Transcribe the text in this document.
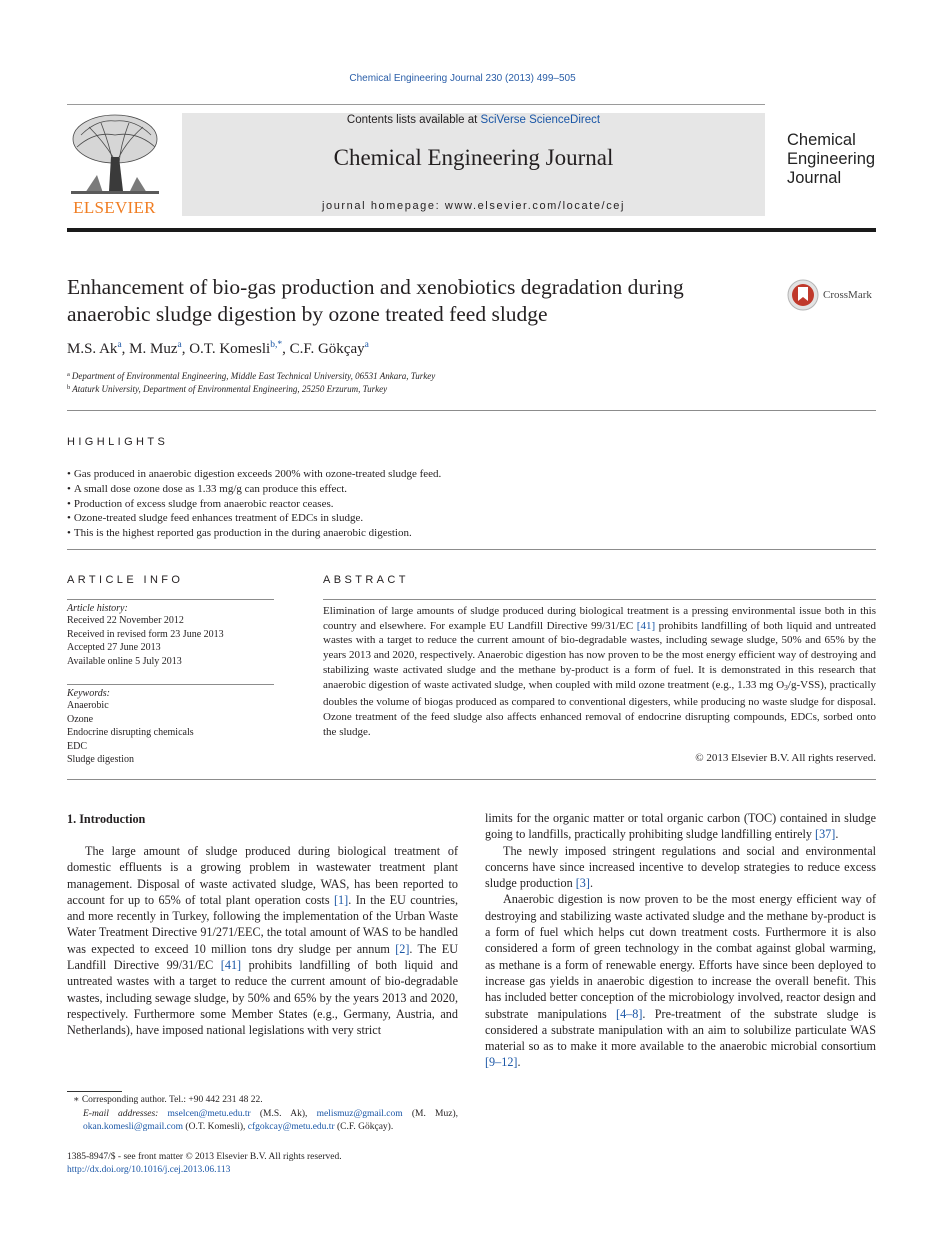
Chemical Engineering Journal 230 (2013) 499–505
ELSEVIER
Contents lists available at SciVerse ScienceDirect
Chemical Engineering Journal
journal homepage: www.elsevier.com/locate/cej
Chemical
Engineering
Journal
Enhancement of bio-gas production and xenobiotics degradation during
anaerobic sludge digestion by ozone treated feed sludge
CrossMark
M.S. Ak$^a$, M. Muz$^a$, O.T. Komesli$^{b,*}$, C.F. Gökçay$^a$
$^a$ Department of Environmental Engineering, Middle East Technical University, 06531 Ankara, Turkey
$^b$ Ataturk University, Department of Environmental Engineering, 25250 Erzurum, Turkey
HIGHLIGHTS
• Gas produced in anaerobic digestion exceeds 200% with ozone-treated sludge feed.
• A small dose ozone dose as 1.33 mg/g can produce this effect.
• Production of excess sludge from anaerobic reactor ceases.
• Ozone-treated sludge feed enhances treatment of EDCs in sludge.
• This is the highest reported gas production in the during anaerobic digestion.
ARTICLE INFO
Article history:
Received 22 November 2012
Received in revised form 23 June 2013
Accepted 27 June 2013
Available online 5 July 2013
Keywords:
Anaerobic
Ozone
Endocrine disrupting chemicals
EDC
Sludge digestion
ABSTRACT
Elimination of large amounts of sludge produced during biological treatment is a pressing environmental issue both in this country and elsewhere. For example EU Landfill Directive 99/31/EC [41] prohibits landfilling of both liquid and untreated wastes with a target to reduce the current amount of bio-degradable wastes, including sewage sludge, 50% and 65% by the years 2013 and 2020, respectively. Anaerobic digestion has now proven to be the most energy efficient way of destroying and stabilizing waste activated sludge and the methane by-product is a form of fuel. It is demonstrated in this research that anaerobic digestion of waste activated sludge, when coupled with mild ozone treatment (e.g., 1.33 mg $O_3/g-VSS$), practically doubles the volume of biogas produced as compared to conventional digesters, while producing no waste sludge for disposal. Ozone treatment of the feed sludge also affects enhanced removal of endocrine disrupting compounds, EDCs, sorbed onto the sludge.
© 2013 Elsevier B.V. All rights reserved.
1. Introduction

The large amount of sludge produced during biological treatment of domestic effluents is a growing problem in wastewater treatment plant management. Disposal of waste activated sludge, WAS, has been reported to account for up to 65% of total plant operation costs [1]. In the EU countries, and more recently in Turkey, following the implementation of the Urban Waste Water Treatment Directive 91/271/EEC, the total amount of WAS to be handled was expected to exceed 10 million tons dry sludge per annum [2]. The EU Landfill Directive 99/31/EC [41] prohibits landfilling of both liquid and untreated wastes with a target to reduce the current amount of bio-degradable wastes, including sewage sludge, by 50% and 65% by the years 2013 and 2020, respectively. Furthermore some Member States (e.g., Germany, Austria, and Netherlands), have imposed national legislations with very strict

limits for the organic matter or total organic carbon (TOC) contained in sludge going to landfills, practically prohibiting sludge landfilling entirely [37].

The newly imposed stringent regulations and social and environmental concerns have since increased incentive to develop strategies to reduce excess sludge production [3].

Anaerobic digestion is now proven to be the most energy efficient way of destroying and stabilizing waste activated sludge and the methane by-product is a form of fuel which helps cut down treatment costs. Furthermore it is also considered a form of green technology in the combat against global warming, as methane is a form of renewable energy. Efforts have since been deployed to increase gas yields in anaerobic digestion to increase the overall benefit. This has included better conception of the microbiology involved, reactor design and substrate manipulations [4–8]. Pre-treatment of the substrate sludge is considered a substrate manipulation with an aim to solubilize particulate WAS material so as to make it more available to the anaerobic microbial consortium [9–12].

∗ Corresponding author. Tel.: +90 442 231 48 22.
E-mail addresses: mselcen@metu.edu.tr (M.S. Ak), melismuz@gmail.com (M. Muz), okan.komesli@gmail.com (O.T. Komesli), cfgokcay@metu.edu.tr (C.F. Gökçay).
1385-8947/$ - see front matter © 2013 Elsevier B.V. All rights reserved.
http://dx.doi.org/10.1016/j.cej.2013.06.113
